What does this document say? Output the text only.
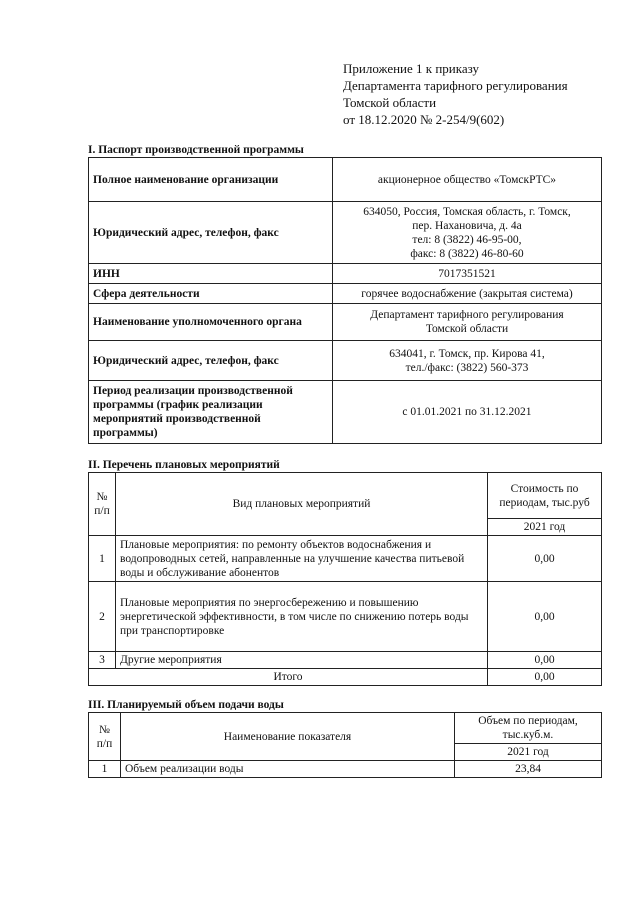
Приложение 1 к приказу
Департамента тарифного регулирования
Томской области
от 18.12.2020 № 2-254/9(602)
I. Паспорт производственной программы
Полное наименование организации	акционерное общество «ТомскРТС»

Юридический адрес, телефон, факс	634050, Россия, Томская область, г. Томск,
пер. Нахановича, д. 4а
тел: 8 (3822) 46-95-00,
факс: 8 (3822) 46-80-60

ИНН	7017351521

Сфера деятельности	горячее водоснабжение (закрытая система)

Наименование уполномоченного органа	Департамент тарифного регулирования
Томской области

Юридический адрес, телефон, факс	634041, г. Томск, пр. Кирова 41,
тел./факс: (3822) 560-373

Период реализации производственной программы (график реализации мероприятий производственной программы)	с 01.01.2021 по 31.12.2021
II. Перечень плановых мероприятий
№ п/п	Вид плановых мероприятий	Стоимость по периодам, тыс.руб
		2021 год
1	Плановые мероприятия: по ремонту объектов водоснабжения и водопроводных сетей, направленные на улучшение качества питьевой воды и обслуживание абонентов	0,00
2	Плановые мероприятия по энергосбережению и повышению энергетической эффективности, в том числе по снижению потерь воды при транспортировке	0,00
3	Другие мероприятия	0,00
Итого		0,00
III. Планируемый объем подачи воды
№ п/п	Наименование показателя	Объем по периодам, тыс.куб.м.
		2021 год
1	Объем реализации воды	23,84
